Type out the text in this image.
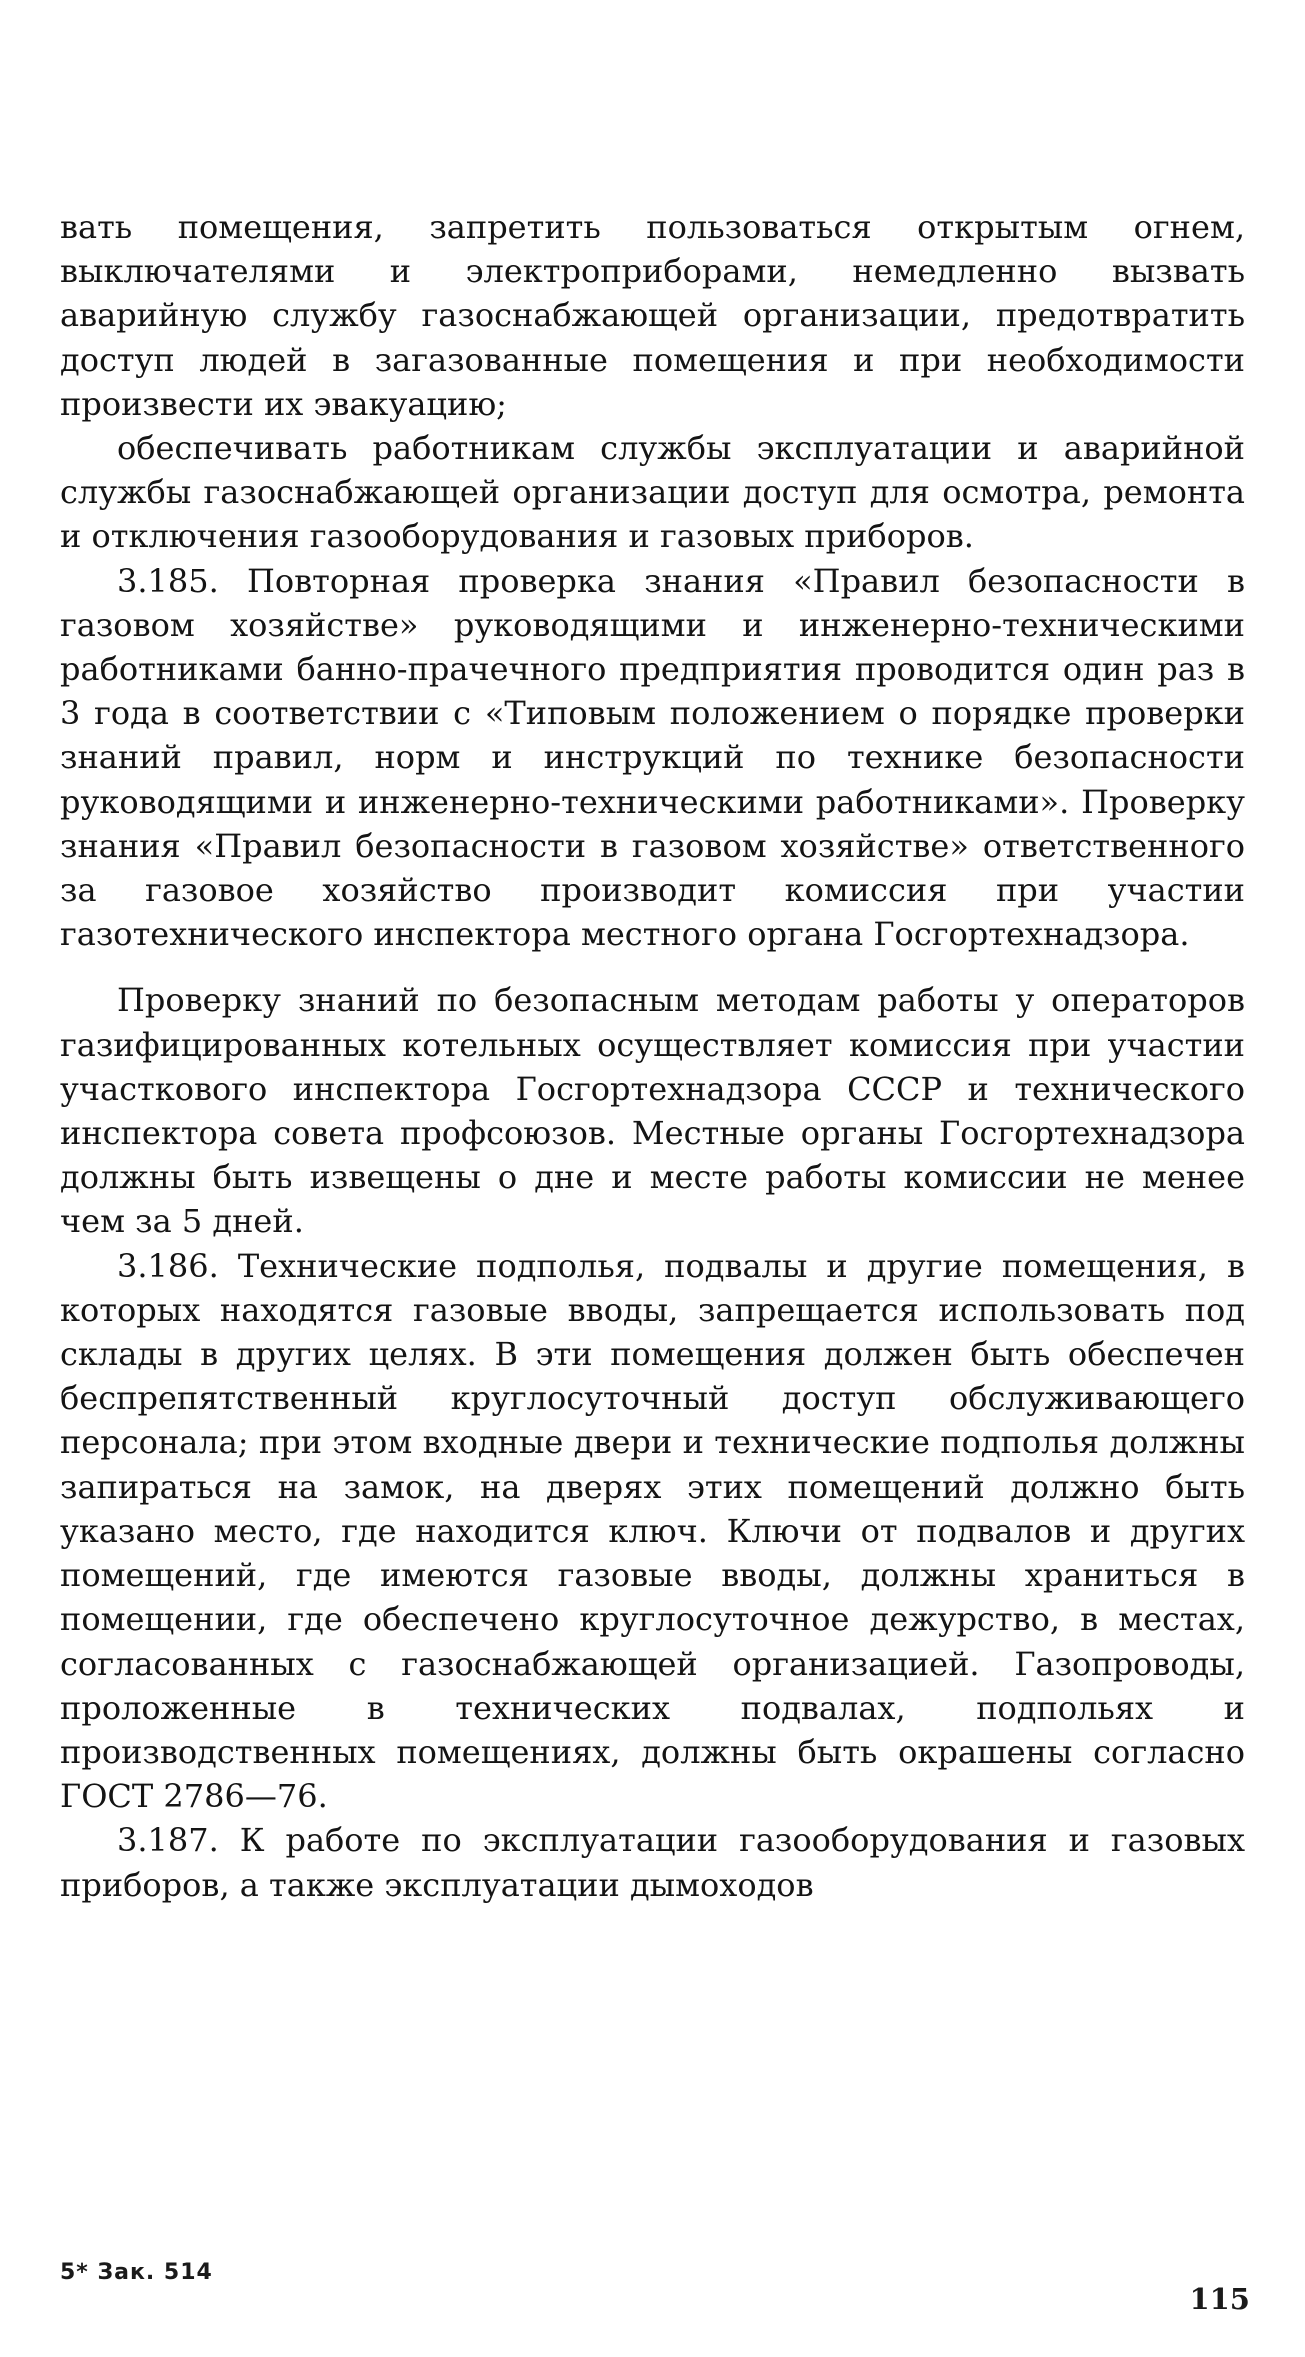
вать помещения, запретить пользоваться открытым огнем, выключателями и электроприборами, немедленно вызвать аварийную службу газоснабжающей организации, предотвратить доступ людей в загазованные помещения и при необходимости произвести их эвакуацию;

обеспечивать работникам службы эксплуатации и аварийной службы газоснабжающей организации доступ для осмотра, ремонта и отключения газооборудования и газовых приборов.

3.185. Повторная проверка знания «Правил безопасности в газовом хозяйстве» руководящими и инженерно-техническими работниками банно-прачечного предприятия проводится один раз в 3 года в соответствии с «Типовым положением о порядке проверки знаний правил, норм и инструкций по технике безопасности руководящими и инженерно-техническими работниками». Проверку знания «Правил безопасности в газовом хозяйстве» ответственного за газовое хозяйство производит комиссия при участии газотехнического инспектора местного органа Госгортехнадзора.

Проверку знаний по безопасным методам работы у операторов газифицированных котельных осуществляет комиссия при участии участкового инспектора Госгортехнадзора СССР и технического инспектора совета профсоюзов. Местные органы Госгортехнадзора должны быть извещены о дне и месте работы комиссии не менее чем за 5 дней.

3.186. Технические подполья, подвалы и другие помещения, в которых находятся газовые вводы, запрещается использовать под склады в других целях. В эти помещения должен быть обеспечен беспрепятственный круглосуточный доступ обслуживающего персонала; при этом входные двери и технические подполья должны запираться на замок, на дверях этих помещений должно быть указано место, где находится ключ. Ключи от подвалов и других помещений, где имеются газовые вводы, должны храниться в помещении, где обеспечено круглосуточное дежурство, в местах, согласованных с газоснабжающей организацией. Газопроводы, проложенные в технических подвалах, подпольях и производственных помещениях, должны быть окрашены согласно ГОСТ 2786—76.

3.187. К работе по эксплуатации газооборудования и газовых приборов, а также эксплуатации дымоходов

5* Зак. 514
115
